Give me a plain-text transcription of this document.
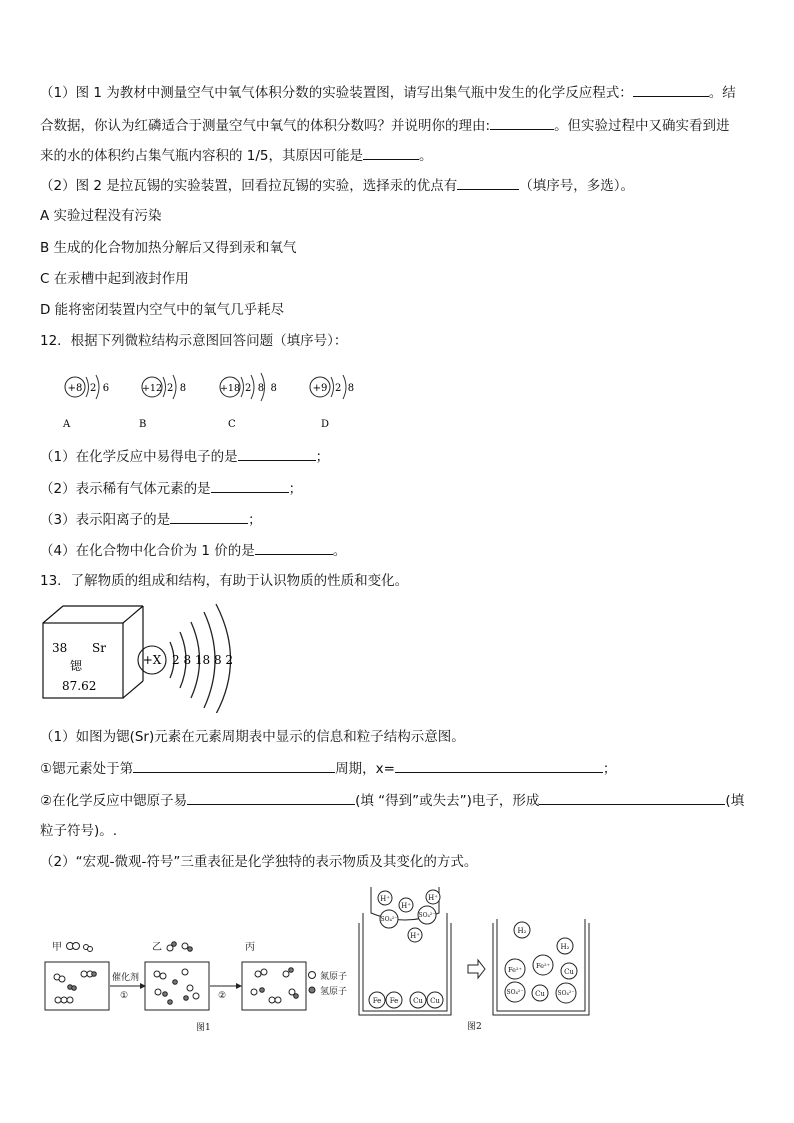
（1）图 1 为教材中测量空气中氧气体积分数的实验装置图，请写出集气瓶中发生的化学反应程式：	。结
合数据，你认为红磷适合于测量空气中氧气的体积分数吗？并说明你的理由:	。但实验过程中又确实看到进
来的水的体积约占集气瓶内容积的 1/5，其原因可能是	。
（2）图 2 是拉瓦锡的实验装置，回看拉瓦锡的实验，选择汞的优点有	（填序号，多选）。
A 实验过程没有污染
B 生成的化合物加热分解后又得到汞和氧气
C 在汞槽中起到液封作用
D 能将密闭装置内空气中的氧气几乎耗尽
12．根据下列微粒结构示意图回答问题（填序号）：
+8 2  6
A
+12 2  8
B
+18 2  8  8
C
+9 2  8
D
（1）在化学反应中易得电子的是	；
（2）表示稀有气体元素的是	；
（3）表示阳离子的是	；
（4）在化合物中化合价为 1 价的是	。
13．了解物质的组成和结构，有助于认识物质的性质和变化。
38 Sr
锶
87.62
+X 2 8 18 8 2
（1）如图为锶(Sr)元素在元素周期表中显示的信息和粒子结构示意图。
①锶元素处于第	周期，x=	；
②在化学反应中锶原子易	(填 “得到”或失去”)电子，形成	(填
粒子符号)。.
（2）“宏观-微观-符号”三重表征是化学独特的表示物质及其变化的方式。
甲
催化剂
①
乙
②
丙
氮原子
氢原子
图1
H⁺
H⁺
H⁺
SO₄²⁻
SO₄²⁻
H⁺
Fe Fe Cu Cu
H₂
H₂
Fe²⁺ Fe²⁺
Cu
SO₄²⁻ Cu SO₄²⁻
图2
